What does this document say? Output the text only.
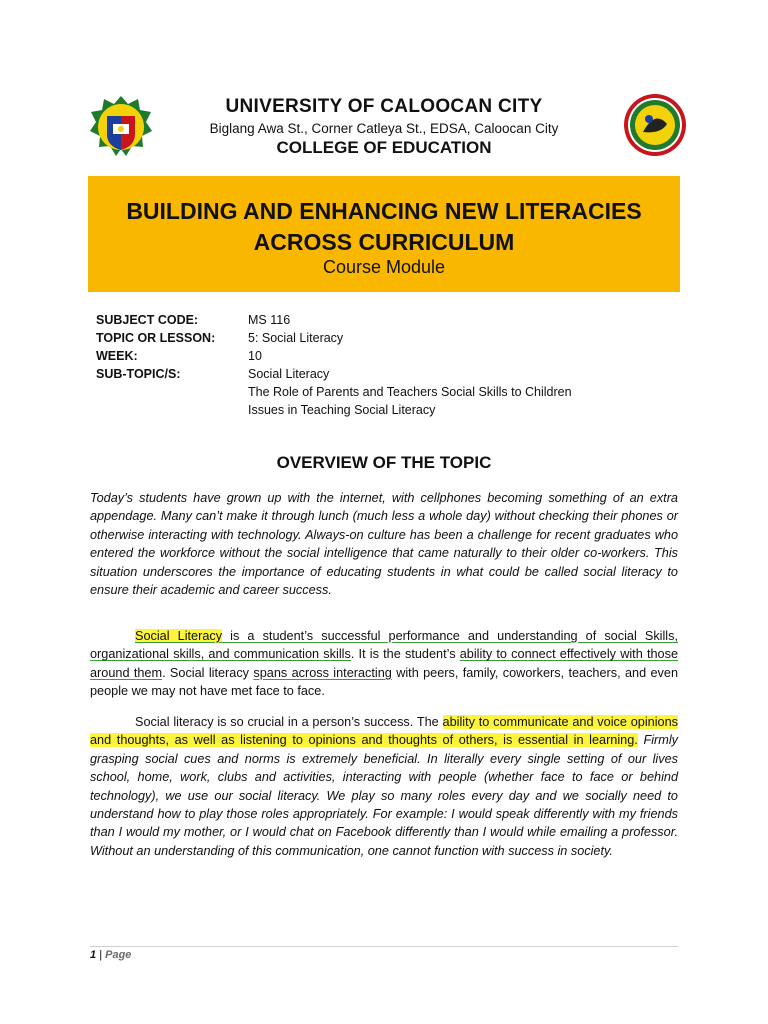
UNIVERSITY OF CALOOCAN CITY
Biglang Awa St., Corner Catleya St., EDSA, Caloocan City
COLLEGE OF EDUCATION
BUILDING AND ENHANCING NEW LITERACIES
ACROSS CURRICULUM
Course Module
SUBJECT CODE:	MS 116
TOPIC OR LESSON:	5: Social Literacy
WEEK:	10
SUB-TOPIC/S:	Social Literacy
The Role of Parents and Teachers Social Skills to Children
Issues in Teaching Social Literacy
OVERVIEW OF THE TOPIC
Today’s students have grown up with the internet, with cellphones becoming something of an extra appendage. Many can’t make it through lunch (much less a whole day) without checking their phones or otherwise interacting with technology. Always-on culture has been a challenge for recent graduates who entered the workforce without the social intelligence that came naturally to their older co-workers. This situation underscores the importance of educating students in what could be called social literacy to ensure their academic and career success.
Social Literacy is a student’s successful performance and understanding of social Skills, organizational skills, and communication skills. It is the student’s ability to connect effectively with those around them. Social literacy spans across interacting with peers, family, coworkers, teachers, and even people we may not have met face to face.
Social literacy is so crucial in a person’s success. The ability to communicate and voice opinions and thoughts, as well as listening to opinions and thoughts of others, is essential in learning. Firmly grasping social cues and norms is extremely beneficial. In literally every single setting of our lives school, home, work, clubs and activities, interacting with people (whether face to face or behind technology), we use our social literacy. We play so many roles every day and we socially need to understand how to play those roles appropriately. For example: I would speak differently with my friends than I would my mother, or I would chat on Facebook differently than I would while emailing a professor. Without an understanding of this communication, one cannot function with success in society.
1 | Page
